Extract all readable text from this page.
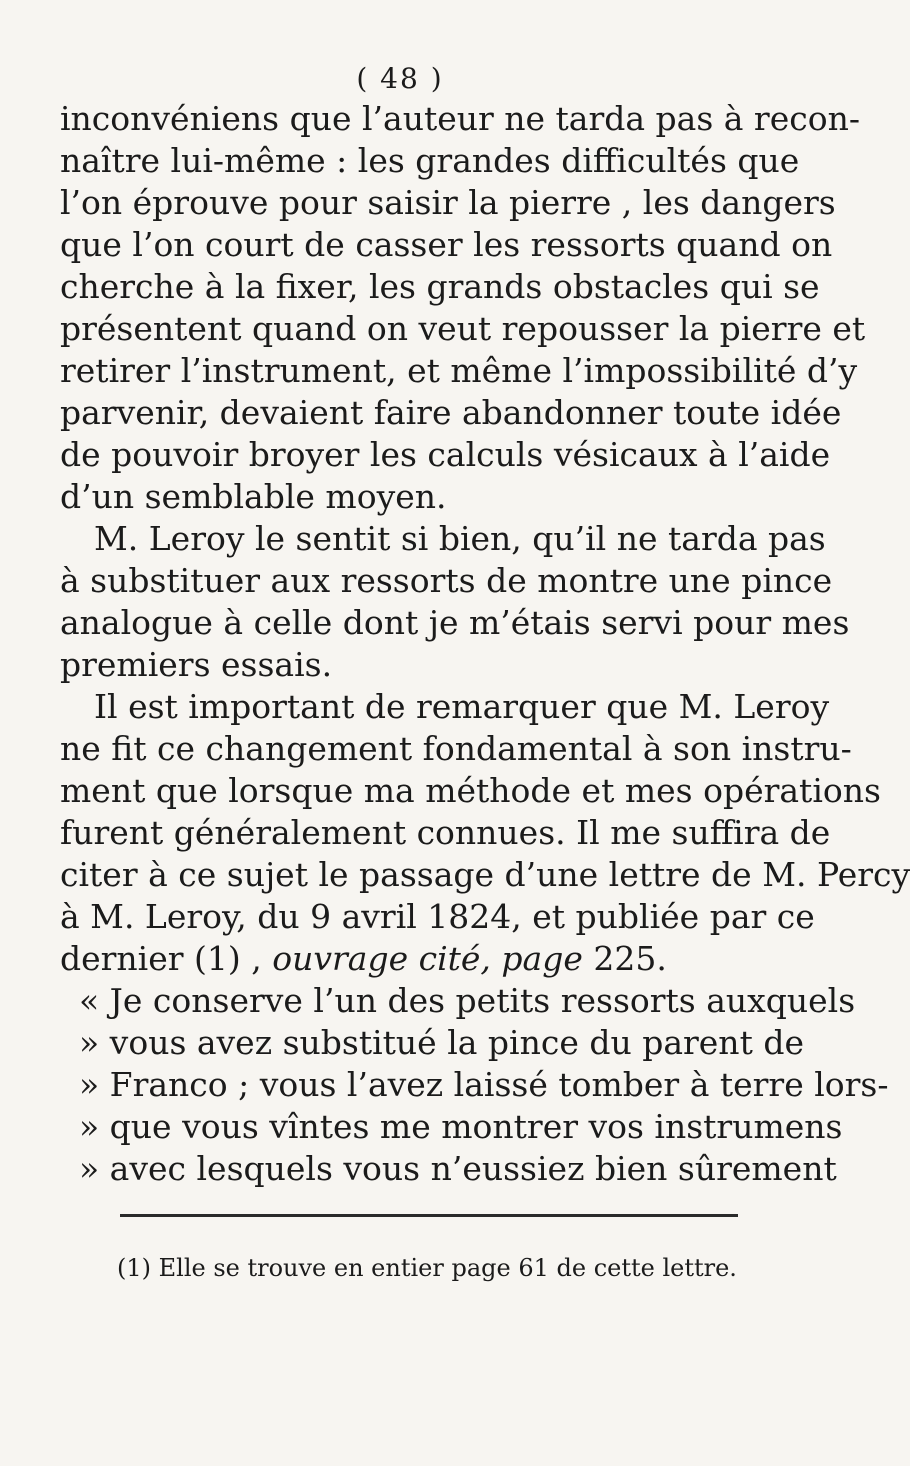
( 48 )
inconvéniens que l’auteur ne tarda pas à recon-
naître lui-même : les grandes difficultés que
l’on éprouve pour saisir la pierre , les dangers
que l’on court de casser les ressorts quand on
cherche à la fixer, les grands obstacles qui se
présentent quand on veut repousser la pierre et
retirer l’instrument, et même l’impossibilité d’y
parvenir, devaient faire abandonner toute idée
de pouvoir broyer les calculs vésicaux à l’aide
d’un semblable moyen.
M. Leroy le sentit si bien, qu’il ne tarda pas
à substituer aux ressorts de montre une pince
analogue à celle dont je m’étais servi pour mes
premiers essais.
Il est important de remarquer que M. Leroy
ne fit ce changement fondamental à son instru-
ment que lorsque ma méthode et mes opérations
furent généralement connues. Il me suffira de
citer à ce sujet le passage d’une lettre de M. Percy
à M. Leroy, du 9 avril 1824, et publiée par ce
dernier (1) , ouvrage cité, page 225.
« Je conserve l’un des petits ressorts auxquels
» vous avez substitué la pince du parent de
» Franco ; vous l’avez laissé tomber à terre lors-
(1) Elle se trouve en entier page 61 de cette lettre.
» que vous vîntes me montrer vos instrumens
» avec lesquels vous n’eussiez bien sûrement
